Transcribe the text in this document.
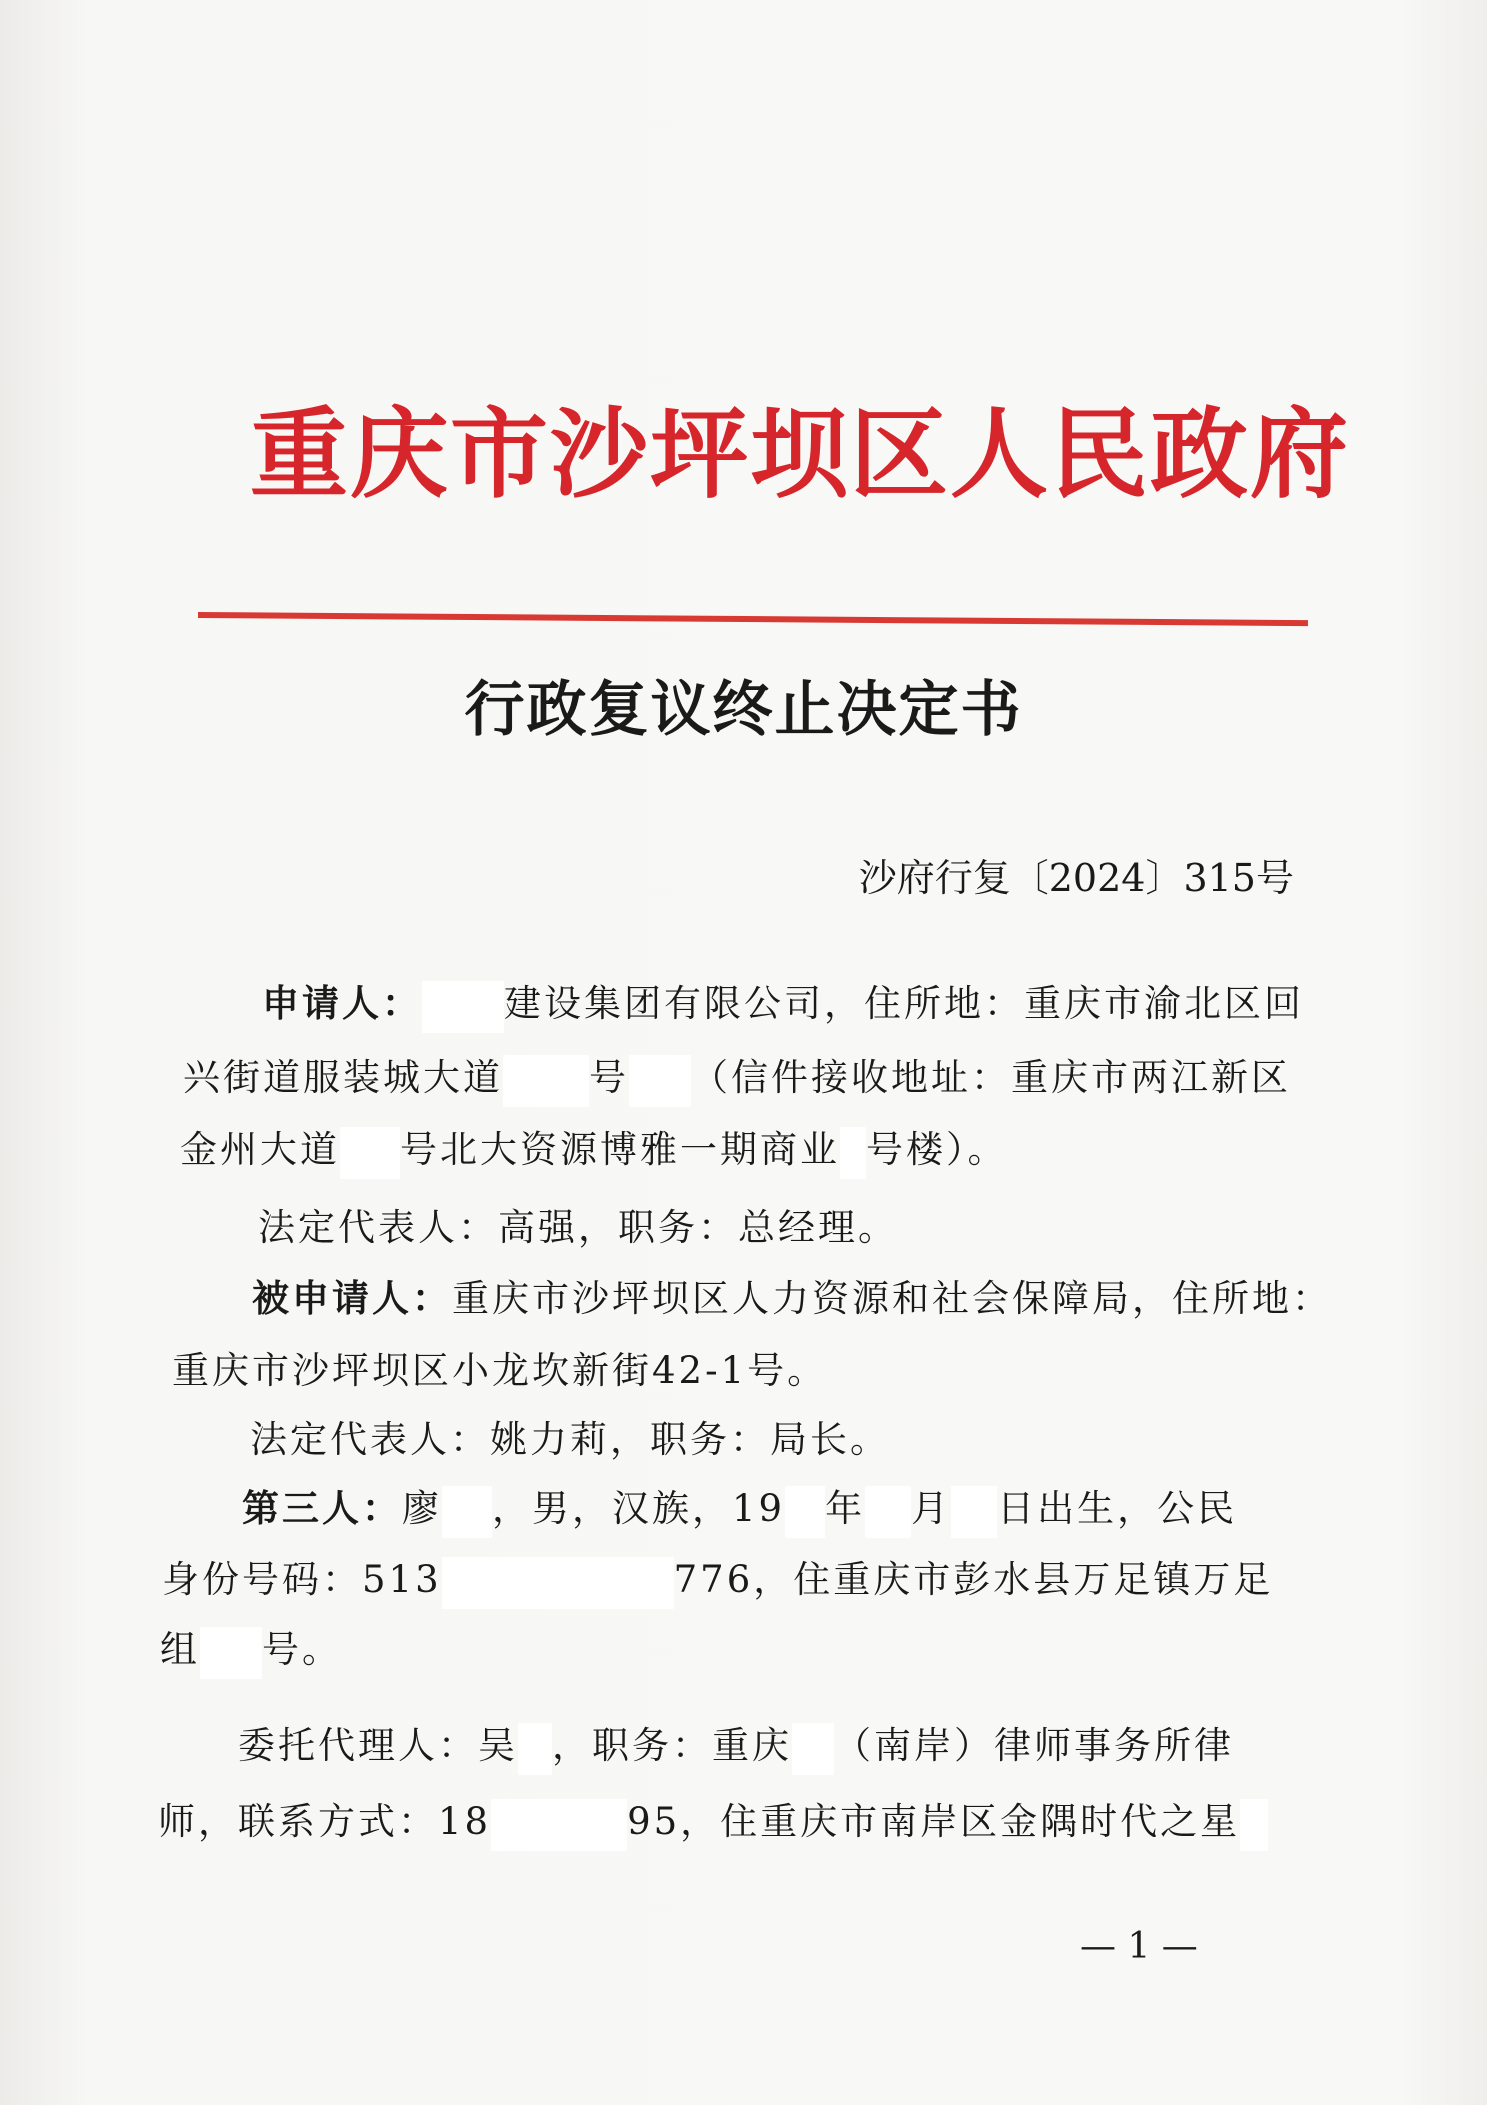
重庆市沙坪坝区人民政府
行政复议终止决定书
沙府行复〔2024〕315号
申请人： 建设集团有限公司，住所地：重庆市渝北区回
兴街道服装城大道 号 （信件接收地址：重庆市两江新区
金州大道 号北大资源博雅一期商业 号楼）。
法定代表人：高强，职务：总经理。
被申请人：重庆市沙坪坝区人力资源和社会保障局，住所地：
重庆市沙坪坝区小龙坎新街42-1号。
法定代表人：姚力莉，职务：局长。
第三人：廖 ，男，汉族，19 年 月 日出生，公民
身份号码：513	776，住重庆市彭水县万足镇万足
组 号。
委托代理人：吴 ，职务：重庆 （南岸）律师事务所律
师，联系方式：18	95，住重庆市南岸区金隅时代之星
— 1 —
